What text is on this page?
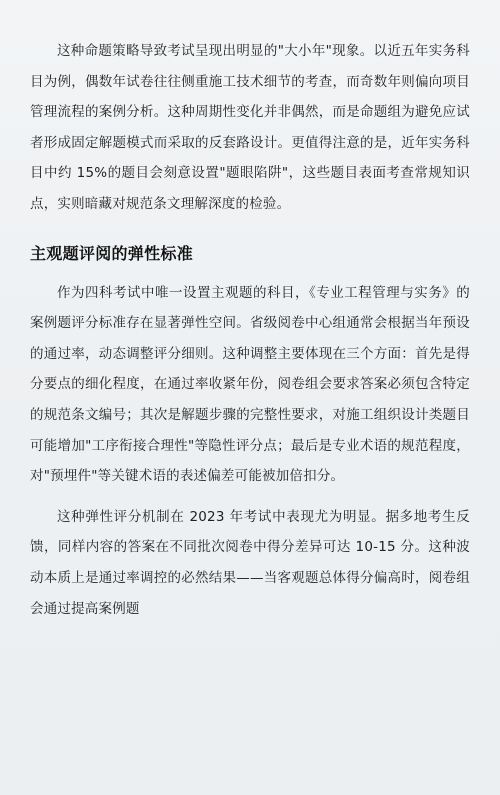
这种命题策略导致考试呈现出明显的"大小年"现象。以近五年实务科目为例，偶数年试卷往往侧重施工技术细节的考查，而奇数年则偏向项目管理流程的案例分析。这种周期性变化并非偶然，而是命题组为避免应试者形成固定解题模式而采取的反套路设计。更值得注意的是，近年实务科目中约 15%的题目会刻意设置"题眼陷阱"，这些题目表面考查常规知识点，实则暗藏对规范条文理解深度的检验。

主观题评阅的弹性标准

作为四科考试中唯一设置主观题的科目，《专业工程管理与实务》的案例题评分标准存在显著弹性空间。省级阅卷中心组通常会根据当年预设的通过率，动态调整评分细则。这种调整主要体现在三个方面：首先是得分要点的细化程度，在通过率收紧年份，阅卷组会要求答案必须包含特定的规范条文编号；其次是解题步骤的完整性要求，对施工组织设计类题目可能增加"工序衔接合理性"等隐性评分点；最后是专业术语的规范程度，对"预埋件"等关键术语的表述偏差可能被加倍扣分。

这种弹性评分机制在 2023 年考试中表现尤为明显。据多地考生反馈，同样内容的答案在不同批次阅卷中得分差异可达 10-15 分。这种波动本质上是通过率调控的必然结果——当客观题总体得分偏高时，阅卷组会通过提高案例题
